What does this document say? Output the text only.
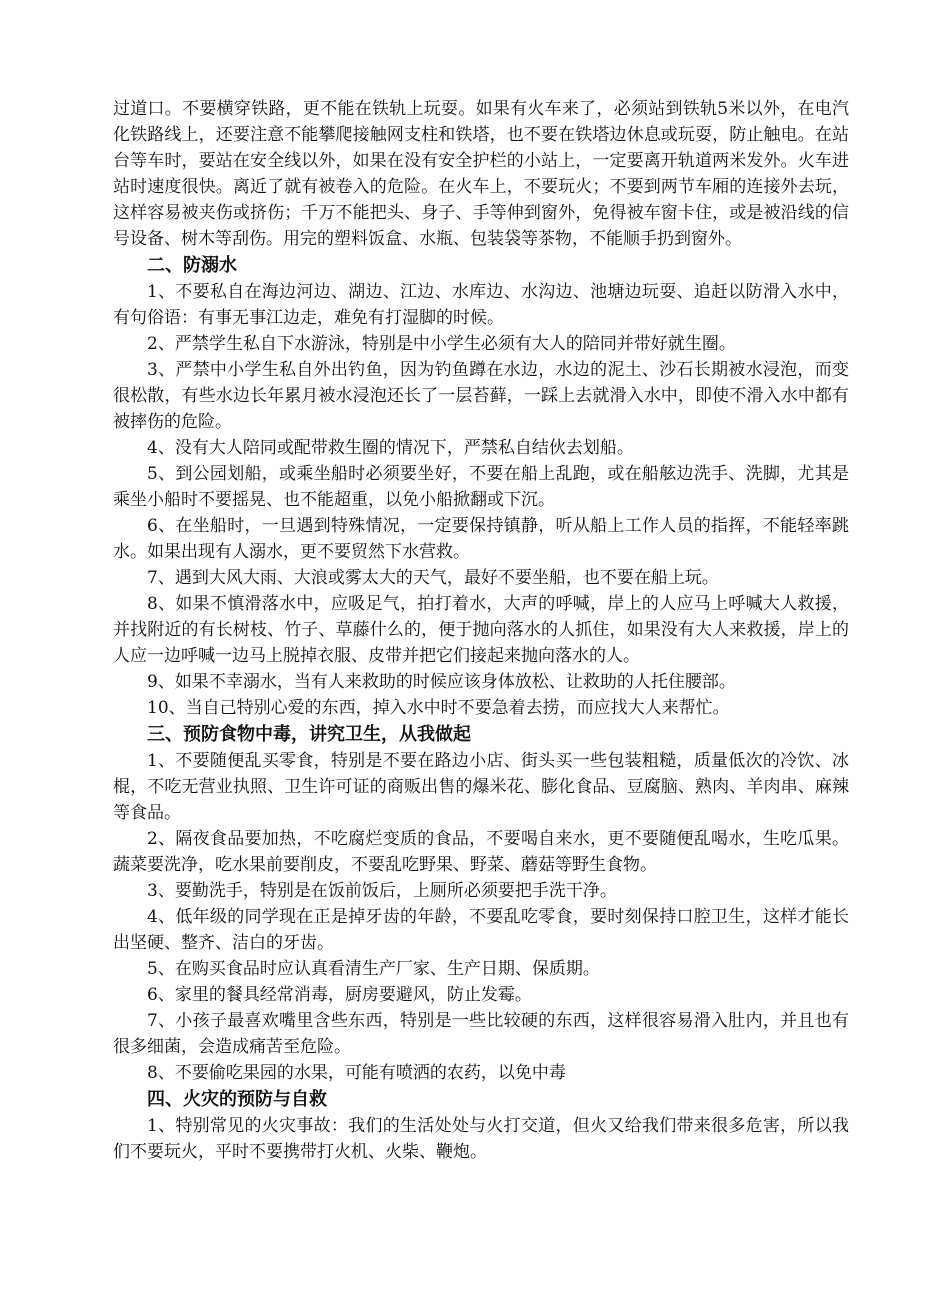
过道口。不要横穿铁路，更不能在铁轨上玩耍。如果有火车来了，必须站到铁轨5米以外，在电汽化铁路线上，还要注意不能攀爬接触网支柱和铁塔，也不要在铁塔边休息或玩耍，防止触电。在站台等车时，要站在安全线以外，如果在没有安全护栏的小站上，一定要离开轨道两米发外。火车进站时速度很快。离近了就有被卷入的危险。在火车上，不要玩火；不要到两节车厢的连接外去玩，这样容易被夹伤或挤伤；千万不能把头、身子、手等伸到窗外，免得被车窗卡住，或是被沿线的信号设备、树木等刮伤。用完的塑料饭盒、水瓶、包装袋等茶物，不能顺手扔到窗外。
二、防溺水
1、不要私自在海边河边、湖边、江边、水库边、水沟边、池塘边玩耍、追赶以防滑入水中，有句俗语：有事无事江边走，难免有打湿脚的时候。
2、严禁学生私自下水游泳，特别是中小学生必须有大人的陪同并带好就生圈。
3、严禁中小学生私自外出钓鱼，因为钓鱼蹲在水边，水边的泥土、沙石长期被水浸泡，而变很松散，有些水边长年累月被水浸泡还长了一层苔藓，一踩上去就滑入水中，即使不滑入水中都有被摔伤的危险。
4、没有大人陪同或配带救生圈的情况下，严禁私自结伙去划船。
5、到公园划船，或乘坐船时必须要坐好，不要在船上乱跑，或在船舷边洗手、洗脚，尤其是乘坐小船时不要摇晃、也不能超重，以免小船掀翻或下沉。
6、在坐船时，一旦遇到特殊情况，一定要保持镇静，听从船上工作人员的指挥，不能轻率跳水。如果出现有人溺水，更不要贸然下水营救。
7、遇到大风大雨、大浪或雾太大的天气，最好不要坐船，也不要在船上玩。
8、如果不慎滑落水中，应吸足气，拍打着水，大声的呼喊，岸上的人应马上呼喊大人救援，并找附近的有长树枝、竹子、草藤什么的，便于抛向落水的人抓住，如果没有大人来救援，岸上的人应一边呼喊一边马上脱掉衣服、皮带并把它们接起来抛向落水的人。
9、如果不幸溺水，当有人来救助的时候应该身体放松、让救助的人托住腰部。
10、当自己特别心爱的东西，掉入水中时不要急着去捞，而应找大人来帮忙。
三、预防食物中毒，讲究卫生，从我做起
1、不要随便乱买零食，特别是不要在路边小店、街头买一些包装粗糙，质量低次的冷饮、冰棍，不吃无营业执照、卫生许可证的商贩出售的爆米花、膨化食品、豆腐脑、熟肉、羊肉串、麻辣等食品。
2、隔夜食品要加热，不吃腐烂变质的食品，不要喝自来水，更不要随便乱喝水，生吃瓜果。蔬菜要洗净，吃水果前要削皮，不要乱吃野果、野菜、蘑菇等野生食物。
3、要勤洗手，特别是在饭前饭后，上厕所必须要把手洗干净。
4、低年级的同学现在正是掉牙齿的年龄，不要乱吃零食，要时刻保持口腔卫生，这样才能长出坚硬、整齐、洁白的牙齿。
5、在购买食品时应认真看清生产厂家、生产日期、保质期。
6、家里的餐具经常消毒，厨房要避风，防止发霉。
7、小孩子最喜欢嘴里含些东西，特别是一些比较硬的东西，这样很容易滑入肚内，并且也有很多细菌，会造成痛苦至危险。
8、不要偷吃果园的水果，可能有喷洒的农药，以免中毒
四、火灾的预防与自救
1、特别常见的火灾事故：我们的生活处处与火打交道，但火又给我们带来很多危害，所以我们不要玩火，平时不要携带打火机、火柴、鞭炮。
